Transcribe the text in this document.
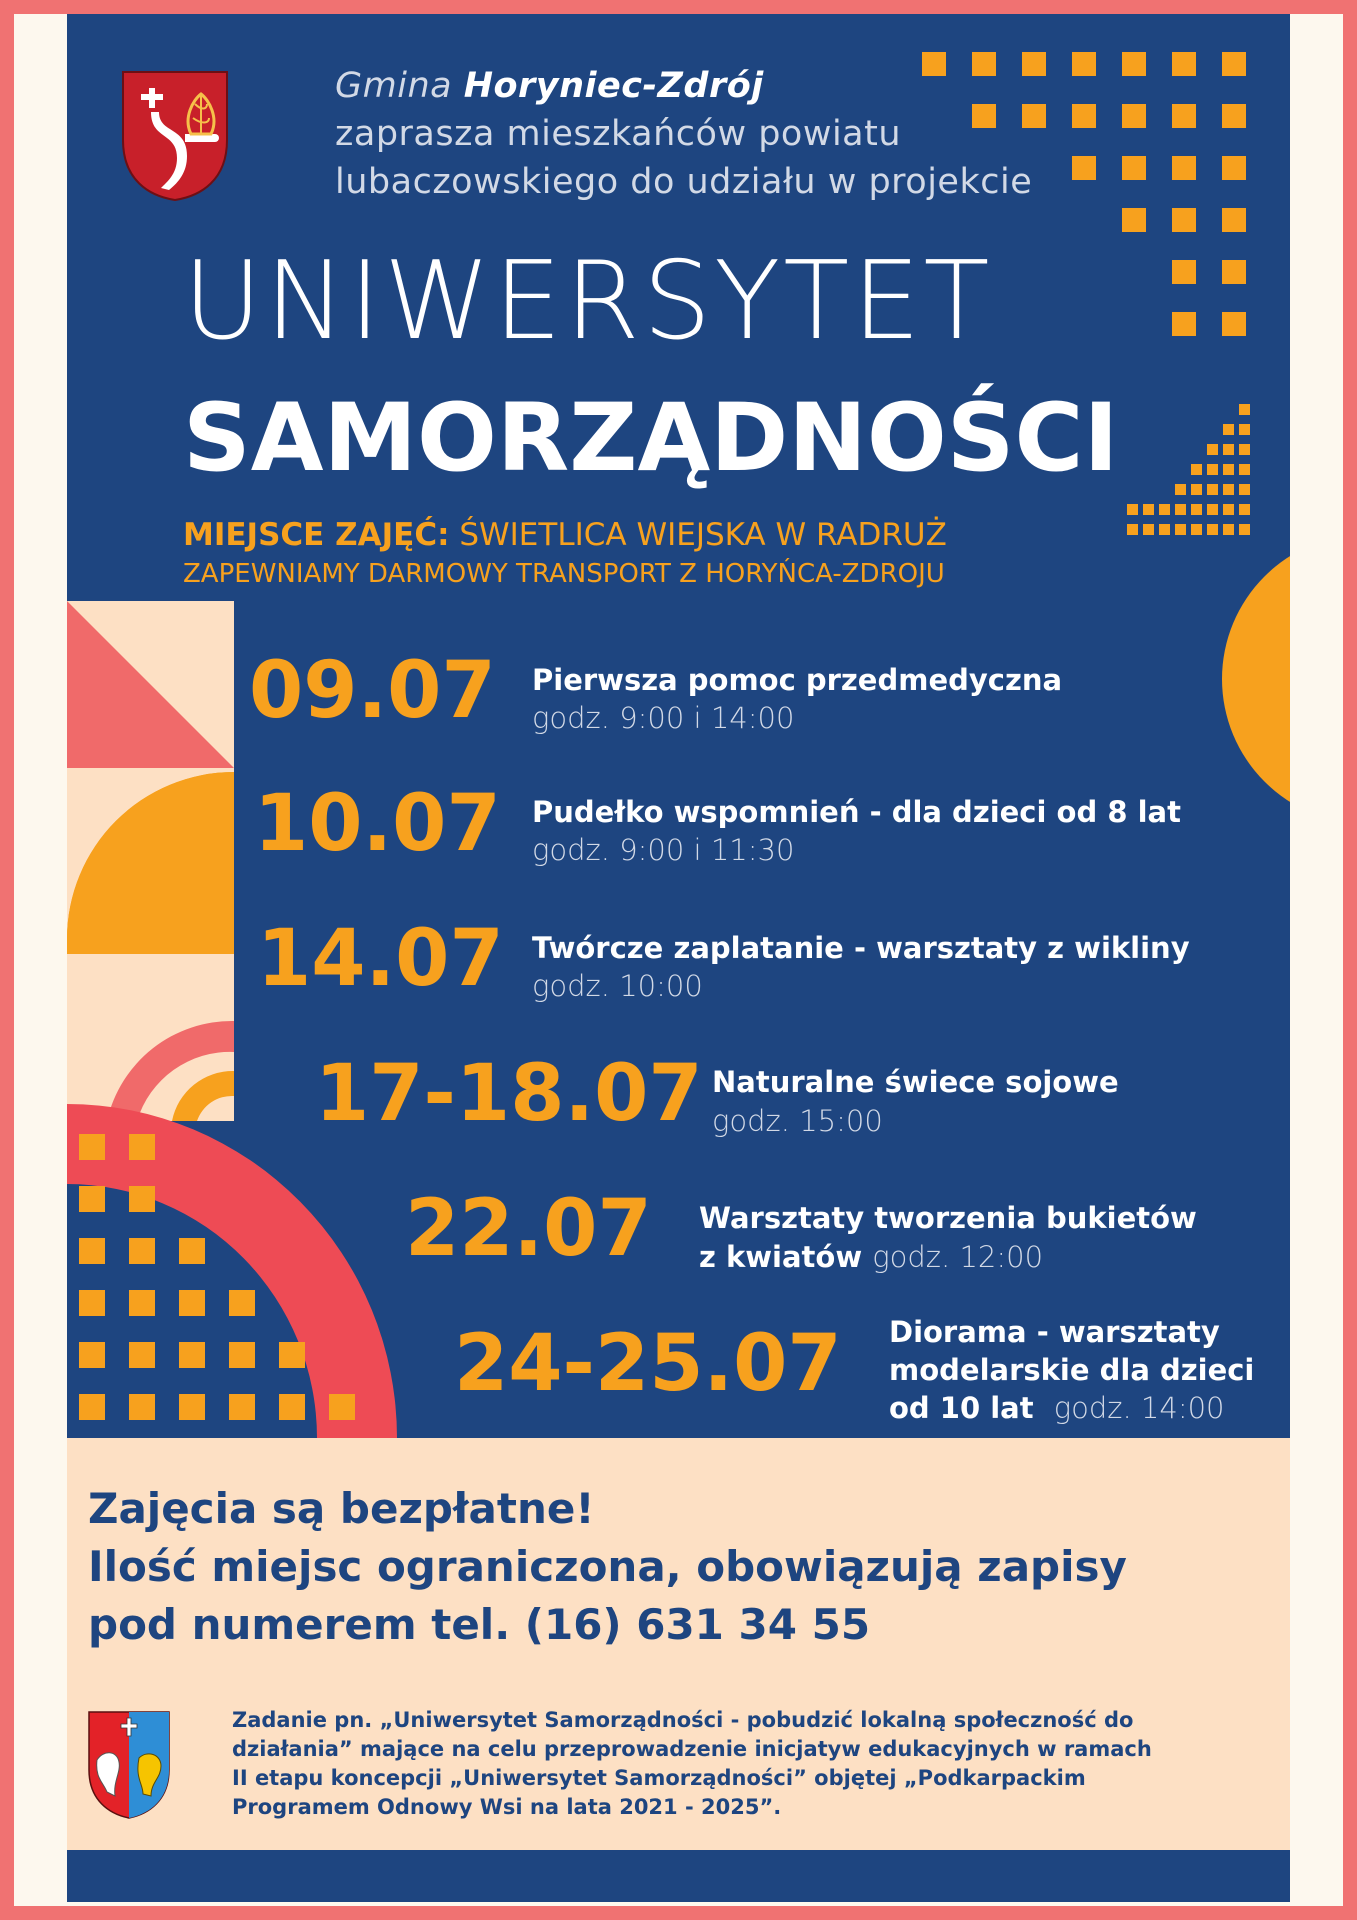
Gmina Horyniec-Zdrój
zaprasza mieszkańców powiatu
lubaczowskiego do udziału w projekcie
UNIWERSYTET
SAMORZĄDNOŚCI
MIEJSCE ZAJĘĆ: ŚWIETLICA WIEJSKA W RADRUŻ
ZAPEWNIAMY DARMOWY TRANSPORT Z HORYŃCA-ZDROJU
09.07 Pierwsza pomoc przedmedyczna
godz. 9:00 i 14:00
10.07 Pudełko wspomnień - dla dzieci od 8 lat
godz. 9:00 i 11:30
14.07 Twórcze zaplatanie - warsztaty z wikliny
godz. 10:00
17-18.07 Naturalne świece sojowe
godz. 15:00
22.07 Warsztaty tworzenia bukietów
z kwiatów godz. 12:00
24-25.07 Diorama - warsztaty
modelarskie dla dzieci
od 10 lat godz. 14:00
Zajęcia są bezpłatne!
Ilość miejsc ograniczona, obowiązują zapisy
pod numerem tel. (16) 631 34 55
Zadanie pn. „Uniwersytet Samorządności - pobudzić lokalną społeczność do
działania” mające na celu przeprowadzenie inicjatyw edukacyjnych w ramach
II etapu koncepcji „Uniwersytet Samorządności” objętej „Podkarpackim
Programem Odnowy Wsi na lata 2021 - 2025”.
